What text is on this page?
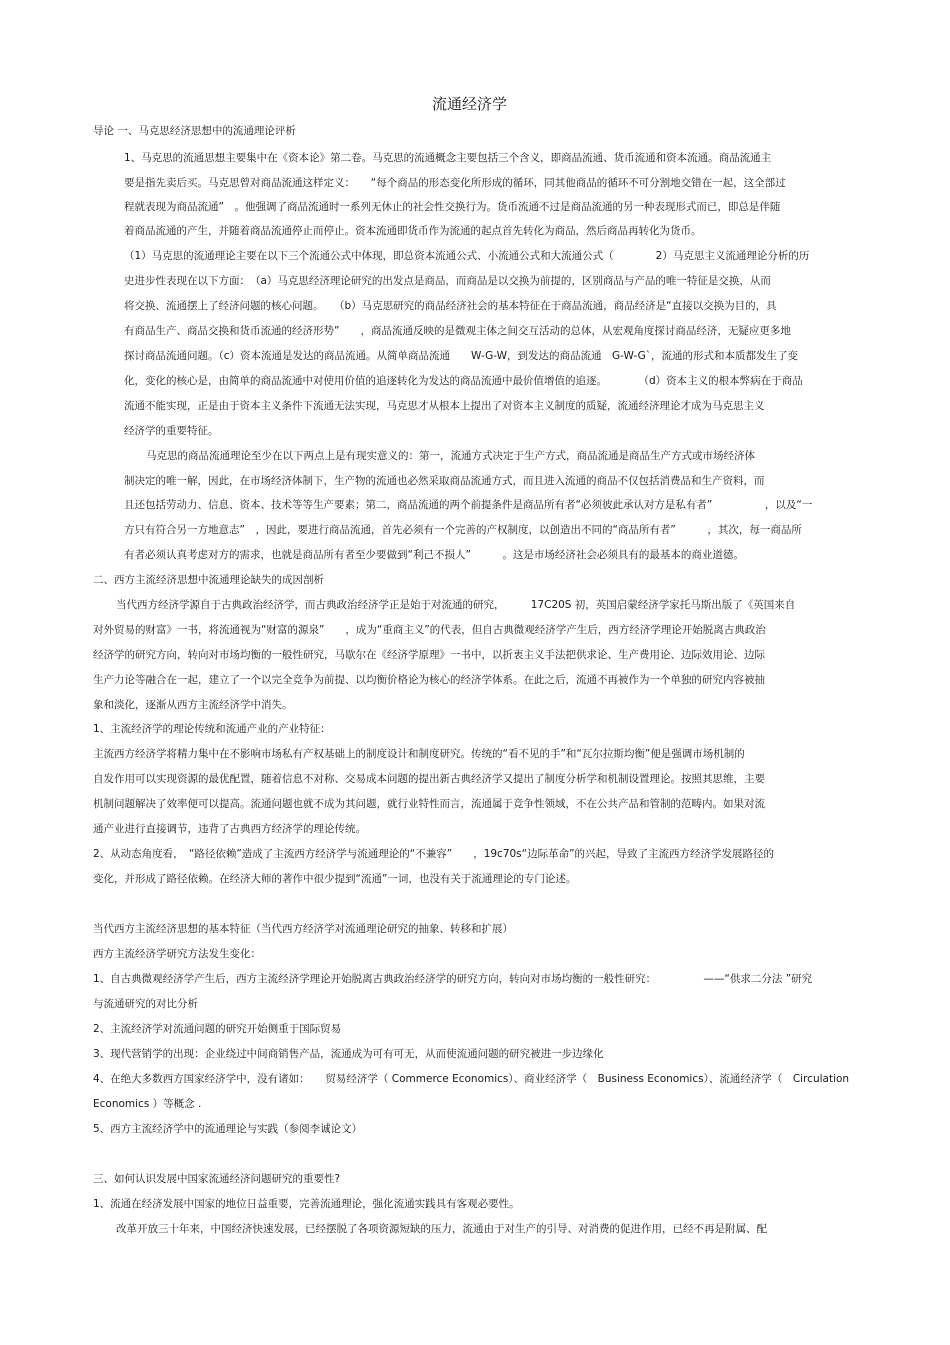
流通经济学

导论 一、马克思经济思想中的流通理论评析

1、马克思的流通思想主要集中在《资本论》第二卷。马克思的流通概念主要包括三个含义，即商品流通、货币流通和资本流通。商品流通主

要是指先卖后买。马克思曾对商品流通这样定义：　　“每个商品的形态变化所形成的循环，同其他商品的循环不可分割地交错在一起，这全部过

程就表现为商品流通”　。他强调了商品流通时一系列无休止的社会性交换行为。货币流通不过是商品流通的另一种表现形式而已，即总是伴随

着商品流通的产生，并随着商品流通停止而停止。资本流通即货币作为流通的起点首先转化为商品，然后商品再转化为货币。

（1）马克思的流通理论主要在以下三个流通公式中体现，即总资本流通公式、小流通公式和大流通公式（　　　　2）马克思主义流通理论分析的历

史进步性表现在以下方面：　（a）马克思经济理论研究的出发点是商品，而商品是以交换为前提的，区别商品与产品的唯一特征是交换，从而

将交换、流通摆上了经济问题的核心问题。　　（b）马克思研究的商品经济社会的基本特征在于商品流通，商品经济是“直接以交换为目的，具

有商品生产、商品交换和货币流通的经济形势”　　，商品流通反映的是微观主体之间交互活动的总体，从宏观角度探讨商品经济，无疑应更多地

探讨商品流通问题。（c）资本流通是发达的商品流通。从简单商品流通　　W-G-W，到发达的商品流通　G-W-G`，流通的形式和本质都发生了变

化，变化的核心是，由简单的商品流通中对使用价值的追逐转化为发达的商品流通中最价值增值的追逐。　　　　（d）资本主义的根本弊病在于商品

流通不能实现，正是由于资本主义条件下流通无法实现，马克思才从根本上提出了对资本主义制度的质疑，流通经济理论才成为马克思主义

经济学的重要特征。

马克思的商品流通理论至少在以下两点上是有现实意义的：第一，流通方式决定于生产方式，商品流通是商品生产方式或市场经济体

制决定的唯一解，因此，在市场经济体制下，生产物的流通也必然采取商品流通方式，而且进入流通的商品不仅包括消费品和生产资料，而

且还包括劳动力、信息、资本、技术等等生产要素；第二，商品流通的两个前提条件是商品所有者“必须彼此承认对方是私有者”　　　　　，以及“一

方只有符合另一方地意志”　，因此，要进行商品流通，首先必须有一个完善的产权制度，以创造出不同的“商品所有者”　　　，其次，每一商品所

有者必须认真考虑对方的需求，也就是商品所有者至少要做到“利己不损人”　　　。这是市场经济社会必须具有的最基本的商业道德。

二、西方主流经济思想中流通理论缺失的成因剖析

当代西方经济学源自于古典政治经济学，而古典政治经济学正是始于对流通的研究，　　　17C20S 初，英国启蒙经济学家托马斯出版了《英国来自

对外贸易的财富》一书，将流通视为“财富的源泉”　　，成为“重商主义”的代表，但自古典微观经济学产生后，西方经济学理论开始脱离古典政治

经济学的研究方向，转向对市场均衡的一般性研究，马歇尔在《经济学原理》一书中，以折衷主义手法把供求论、生产费用论、边际效用论、边际

生产力论等融合在一起，建立了一个以完全竞争为前提、以均衡价格论为核心的经济学体系。在此之后，流通不再被作为一个单独的研究内容被抽

象和淡化，逐渐从西方主流经济学中消失。

1、主流经济学的理论传统和流通产业的产业特征：

主流西方经济学将精力集中在不影响市场私有产权基础上的制度设计和制度研究。传统的“看不见的手”和“瓦尔拉斯均衡”便是强调市场机制的

自发作用可以实现资源的最优配置，随着信息不对称、交易成本问题的提出新古典经济学又提出了制度分析学和机制设置理论。按照其思维，主要

机制问题解决了效率便可以提高。流通问题也就不成为其问题，就行业特性而言，流通属于竞争性领域，不在公共产品和管制的范畴内。如果对流

通产业进行直接调节，违背了古典西方经济学的理论传统。

2、从动态角度看，　“路径依赖”造成了主流西方经济学与流通理论的“不兼容”　　，19c70s“边际革命”的兴起，导致了主流西方经济学发展路径的

变化，并形成了路径依赖。在经济大师的著作中很少提到“流通”一词，也没有关于流通理论的专门论述。

当代西方主流经济思想的基本特征（当代西方经济学对流通理论研究的抽象、转移和扩展）

西方主流经济学研究方法发生变化：

1、自古典微观经济学产生后，西方主流经济学理论开始脱离古典政治经济学的研究方向，转向对市场均衡的一般性研究：　　　　　——“供求二分法 ”研究

与流通研究的对比分析

2、主流经济学对流通问题的研究开始侧重于国际贸易

3、现代营销学的出现：企业绕过中间商销售产品，流通成为可有可无，从而使流通问题的研究被进一步边缘化

4、在绝大多数西方国家经济学中，没有诸如：　　贸易经济学（ Commerce Economics）、商业经济学（　Business Economics）、流通经济学（　Circulation

Economics ）等概念 .

5、西方主流经济学中的流通理论与实践（参阅李诚论文）

三、如何认识发展中国家流通经济问题研究的重要性?

1、流通在经济发展中国家的地位日益重要，完善流通理论，强化流通实践具有客观必要性。

改革开放三十年来，中国经济快速发展，已经摆脱了各项资源短缺的压力，流通由于对生产的引导、对消费的促进作用，已经不再是附属、配
